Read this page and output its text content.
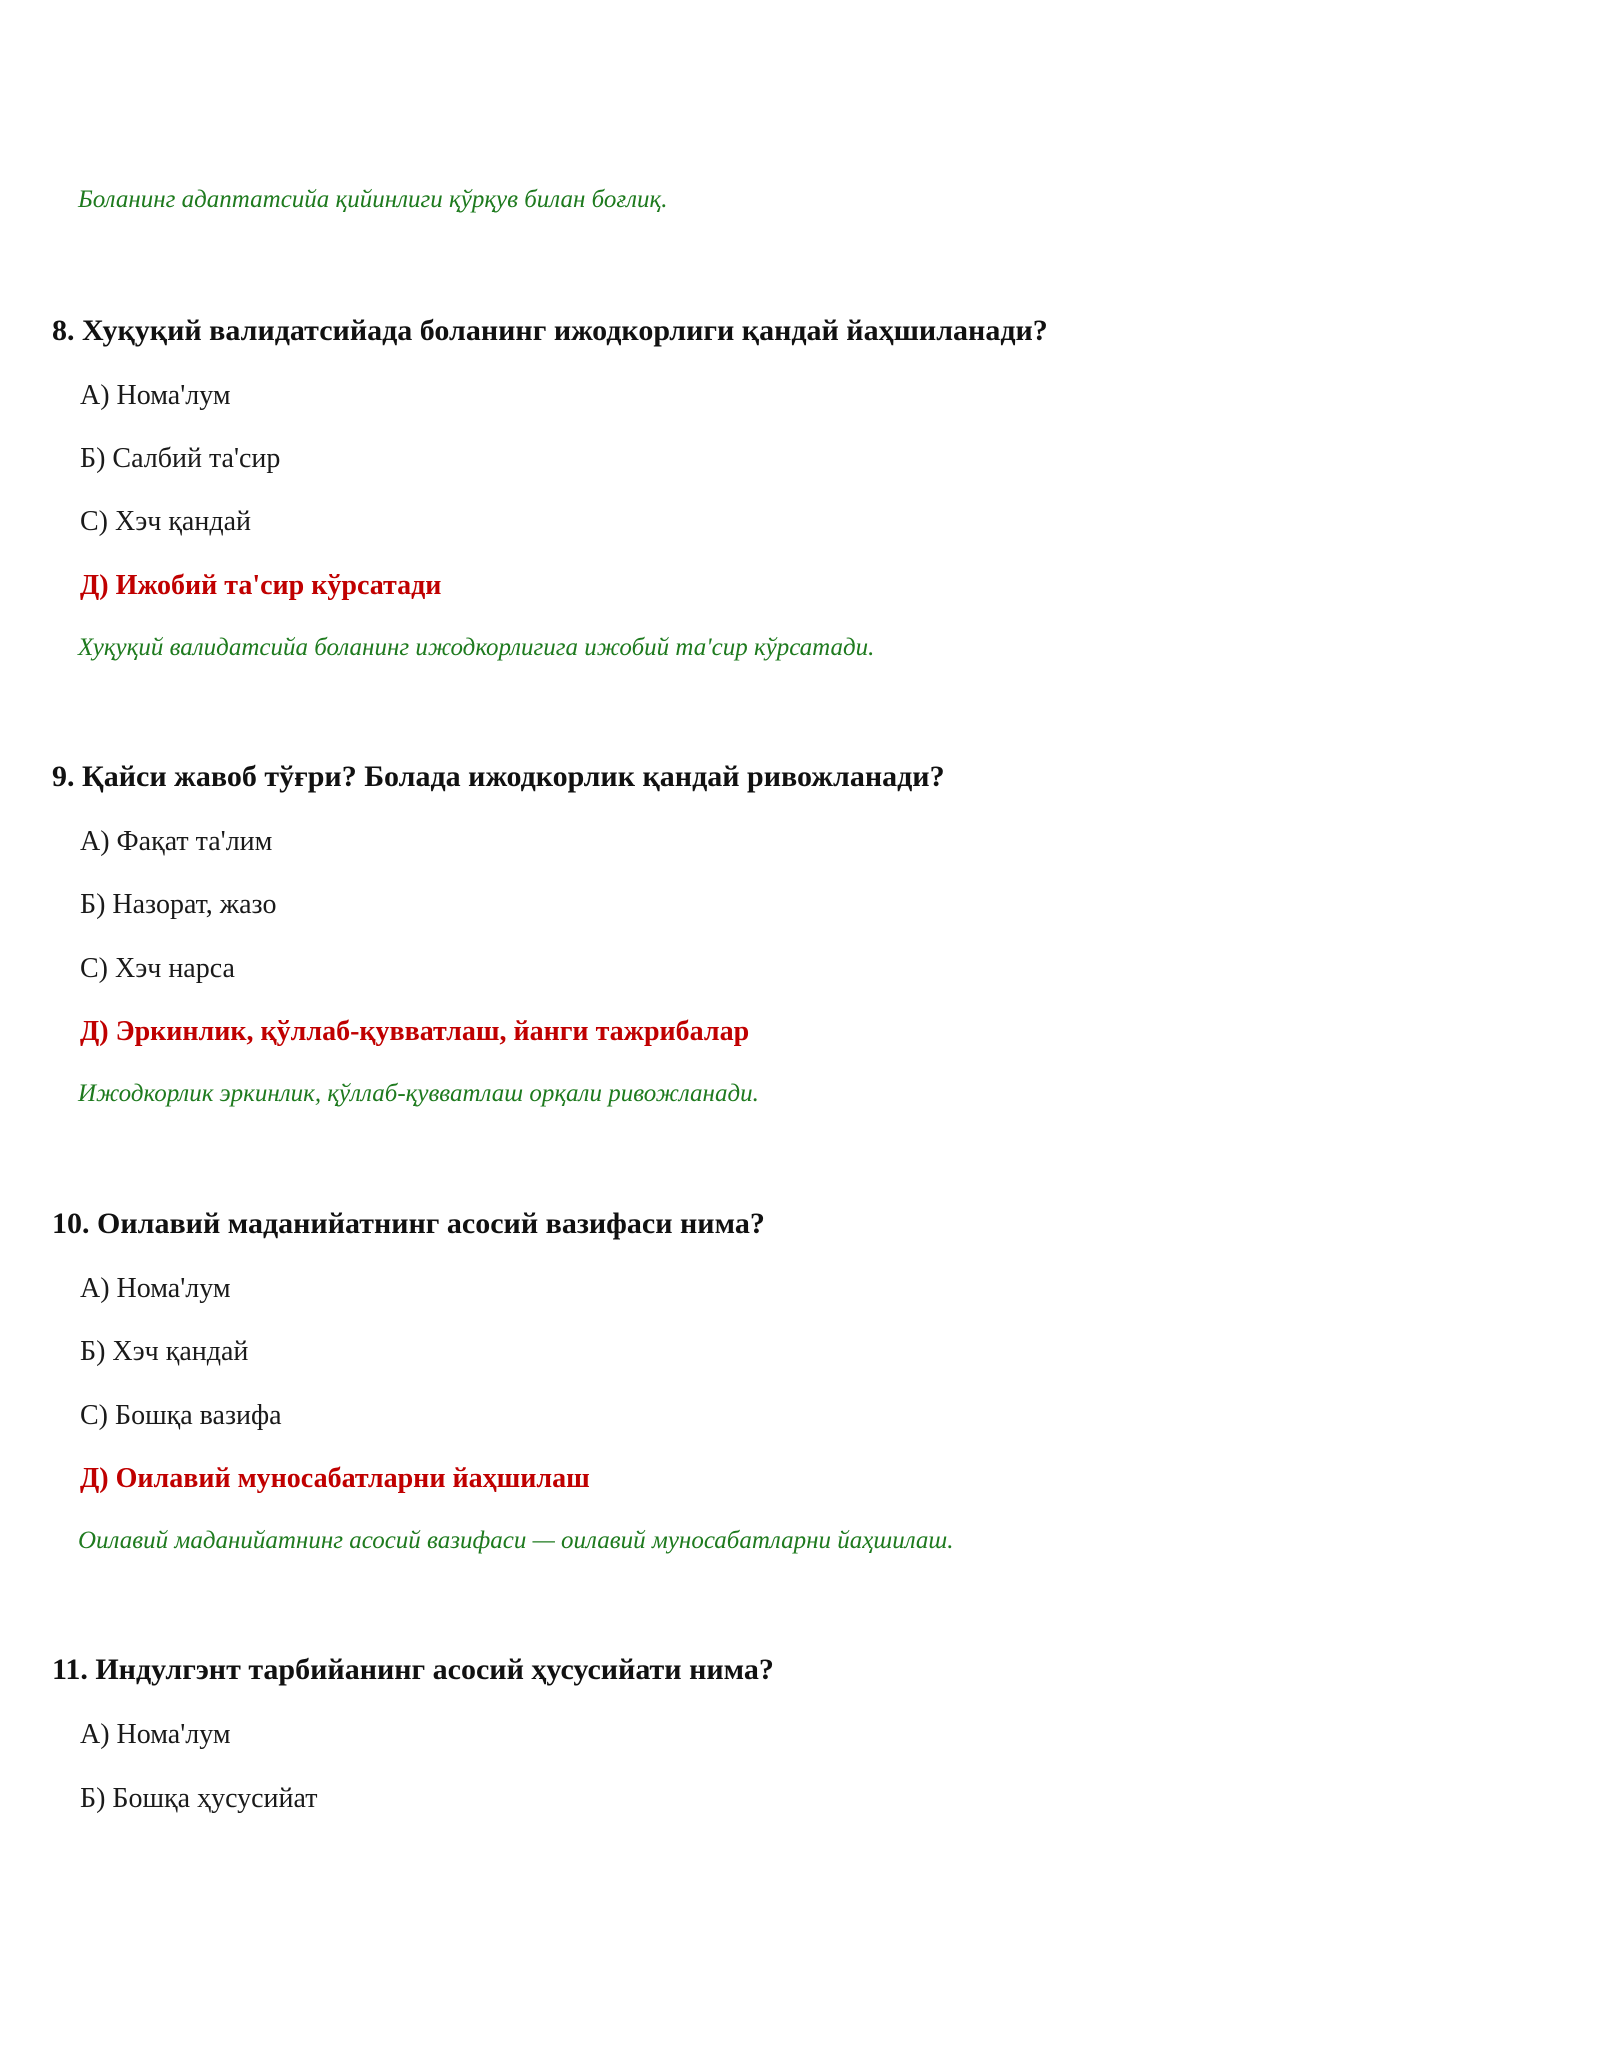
Боланинг адаптатсийа қийинлиги қўрқув билан боғлиқ.
8. Хуқуқий валидатсийада боланинг ижодкорлиги қандай йаҳшиланади?
А) Нома'лум
Б) Салбий та'сир
С) Хэч қандай
Д) Ижобий та'сир кўрсатади
Хуқуқий валидатсийа боланинг ижодкорлигига ижобий та'сир кўрсатади.
9. Қайси жавоб тўғри? Болада ижодкорлик қандай ривожланади?
А) Фақат та'лим
Б) Назорат, жазо
С) Хэч нарса
Д) Эркинлик, қўллаб-қувватлаш, йанги тажрибалар
Ижодкорлик эркинлик, қўллаб-қувватлаш орқали ривожланади.
10. Оилавий маданийатнинг асосий вазифаси нима?
А) Нома'лум
Б) Хэч қандай
С) Бошқа вазифа
Д) Оилавий муносабатларни йаҳшилаш
Оилавий маданийатнинг асосий вазифаси — оилавий муносабатларни йаҳшилаш.
11. Индулгэнт тарбийанинг асосий ҳусусийати нима?
А) Нома'лум
Б) Бошқа ҳусусийат
